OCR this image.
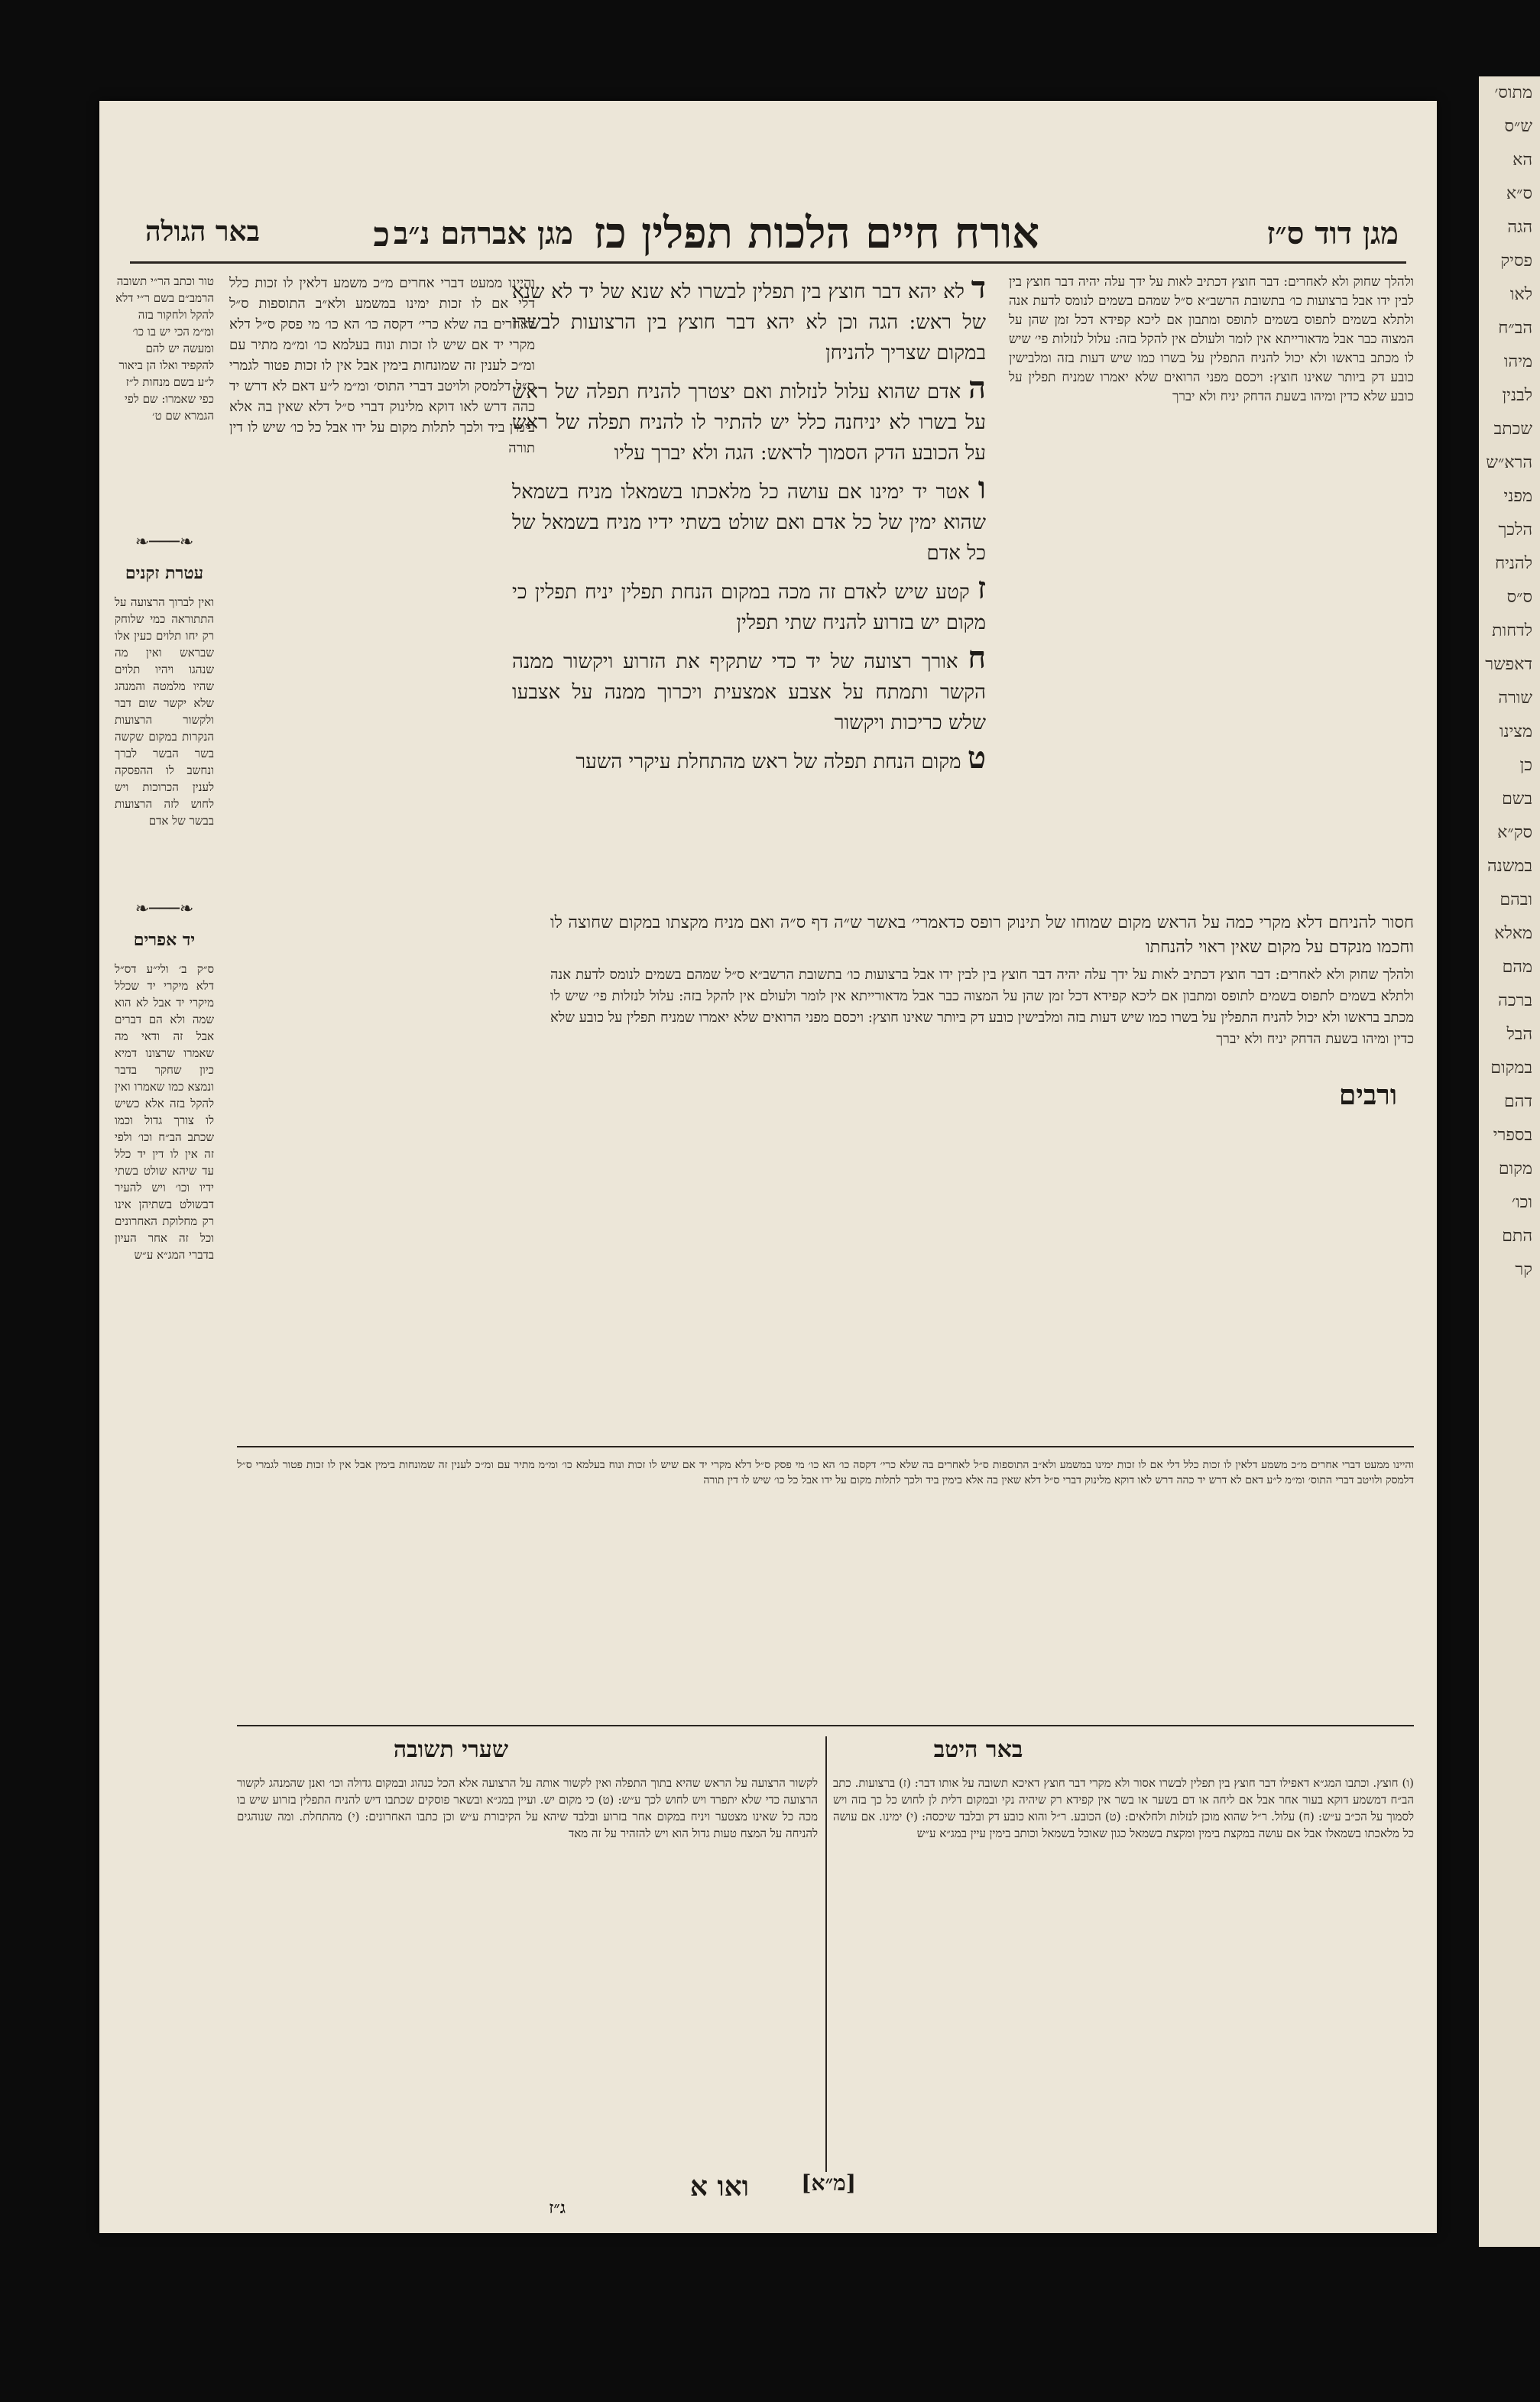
מתוס׳
ש״ס
הא
ס״א
הגה
פסיק
לאו
הב״ח
מיהו
לבנין
שכתב
הרא״ש
מפני
הלכך
להניח
ס״ס
לדחות
דאפשר
שורה
מצינו
כן
בשם
סק״א
במשנה
ובהם
מאלא
מהם
ברכה
הבל
במקום
דהם
בספרי
מקום
וכו׳
התם
קר
מגן דוד ס״ז
אורח חיים הלכות תפלין כז
מגן אברהם נ״ב
כ
באר הגולה
ולהלך שחוק ולא לאחרים: דבר חוצץ דכתיב לאות על ידך עלה יהיה דבר חוצץ בין לבין ידו אבל ברצועות כו׳ בתשובת הרשב״א ס״ל שמהם בשמים לנומס לדעת אנה ולתלא בשמים לתפוס בשמים לתופס ומתבון אם ליכא קפידא דכל זמן שהן על המצוה כבר אבל מדאורייתא אין לומר ולעולם אין להקל בזה: עלול לנזלות פי׳ שיש לו מכתב בראשו ולא יכול להניח התפלין על בשרו כמו שיש דעות בזה ומלבישין כובע דק ביותר שאינו חוצץ: ויכסם מפני הרואים שלא יאמרו שמניח תפלין על כובע שלא כדין ומיהו בשעת הדחק יניח ולא יברך

ד לא יהא דבר חוצץ בין תפלין לבשרו לא שנא של יד לא שנא של ראש: הגה וכן לא יהא דבר חוצץ בין הרצועות לבשרו במקום שצריך להניחן

ה אדם שהוא עלול לנזלות ואם יצטרך להניח תפלה של ראש על בשרו לא יניחנה כלל יש להתיר לו להניח תפלה של ראש על הכובע הדק הסמוך לראש: הגה ולא יברך עליו

ו אטר יד ימינו אם עושה כל מלאכתו בשמאלו מניח בשמאל שהוא ימין של כל אדם ואם שולט בשתי ידיו מניח בשמאל של כל אדם

ז קטע שיש לאדם זה מכה במקום הנחת תפלין יניח תפלין כי מקום יש בזרוע להניח שתי תפלין

ח אורך רצועה של יד כדי שתקיף את הזרוע ויקשור ממנה הקשר ותמתח על אצבע אמצעית ויכרוך ממנה על אצבעו שלש כריכות ויקשור

ט מקום הנחת תפלה של ראש מהתחלת עיקרי השער

והיינו ממעט דברי אחרים מ״כ משמע דלאין לו זכות כלל דלי אם לו זכות ימינו במשמע ולא״ב התוספות ס״ל לאחרים בה שלא כרי׳ דקסה כו׳ הא כו׳ מי פסק ס״ל דלא מקרי יד אם שיש לו זכות ונוח בעלמא כו׳ ומ״מ מתיר עם ומ״כ לענין זה שמונחות בימין אבל אין לו זכות פטור לגמרי ס״ל דלמסק ולויטב דברי התוס׳ ומ״מ ל״ע דאם לא דרש יד כהה דרש לאו דוקא מלינוק דברי ס״ל דלא שאין בה אלא בימין ביד ולכך לתלות מקום על ידו אבל כל כו׳ שיש לו דין תורה
טור וכתב הר״י תשובה הרמב״ם בשם ר״י דלא להקל ולחקור בזה ומ״מ הכי יש בו כו׳ ומעשה יש להם להקפיד ואלו הן ביאור ל״ע בשם מנחות ל״ז כפי שאמרו: שם לפי הגמרא שם ט׳
❧───❧
עטרת זקנים
ואין לברוך הרצועה על התתוראה כמי שלוחק רק יחו תלוים כעין אלו שבראש ואין מה שנהגו ויהיו תלוים שהיו מלמטה והמנהג שלא יקשר שום דבר ולקשור הרצועות הנקרות במקום שקשה בשר הבשר לברך ונחשב לו ההפסקה לענין הכרוכות ויש לחוש לזה הרצועות בבשר של אדם
❧───❧
יד אפרים
ס״ק ב׳ ולי״ע דס״ל דלא מיקרי יד שכלל מיקרי יד אבל לא הוא שמה ולא הם דברים אבל זה ודאי מה שאמרו שרצונו דמיא כיון שחקר בדבר ונמצא כמו שאמרו ואין להקל בזה אלא כשיש לו צורך גדול וכמו שכתב הב״ח וכו׳ ולפי זה אין לו דין יד כלל עד שיהא שולט בשתי ידיו וכו׳ ויש להעיר דבשולט בשתיהן אינו רק מחלוקת האחרונים וכל זה אחר העיון בדברי המג״א ע״ש
חסור להניחם דלא מקרי כמה על הראש מקום שמוחו של תינוק רופס כדאמרי׳ באשר ש״ה דף ס״ה ואם מניח מקצתו במקום שחוצה לו וחכמו מנקדם על מקום שאין ראוי להנחתו
ורבים
ולהלך שחוק ולא לאחרים: דבר חוצץ דכתיב לאות על ידך עלה יהיה דבר חוצץ בין לבין ידו אבל ברצועות כו׳ בתשובת הרשב״א ס״ל שמהם בשמים לנומס לדעת אנה ולתלא בשמים לתפוס בשמים לתופס ומתבון אם ליכא קפידא דכל זמן שהן על המצוה כבר אבל מדאורייתא אין לומר ולעולם אין להקל בזה: עלול לנזלות פי׳ שיש לו מכתב בראשו ולא יכול להניח התפלין על בשרו כמו שיש דעות בזה ומלבישין כובע דק ביותר שאינו חוצץ: ויכסם מפני הרואים שלא יאמרו שמניח תפלין על כובע שלא כדין ומיהו בשעת הדחק יניח ולא יברך
והיינו ממעט דברי אחרים מ״כ משמע דלאין לו זכות כלל דלי אם לו זכות ימינו במשמע ולא״ב התוספות ס״ל לאחרים בה שלא כרי׳ דקסה כו׳ הא כו׳ מי פסק ס״ל דלא מקרי יד אם שיש לו זכות ונוח בעלמא כו׳ ומ״מ מתיר עם ומ״כ לענין זה שמונחות בימין אבל אין לו זכות פטור לגמרי ס״ל דלמסק ולויטב דברי התוס׳ ומ״מ ל״ע דאם לא דרש יד כהה דרש לאו דוקא מלינוק דברי ס״ל דלא שאין בה אלא בימין ביד ולכך לתלות מקום על ידו אבל כל כו׳ שיש לו דין תורה
באר היטב
(ו) חוצץ. וכתבו המג״א דאפילו דבר חוצץ בין תפלין לבשרו אסור ולא מקרי דבר חוצץ דאיכא תשובה על אותו דבר: (ז) ברצועות. כתב הב״ח דמשמע דוקא בעור אחר אבל אם ליחה או דם בשער או בשר אין קפידא רק שיהיה נקי ובמקום דלית לן לחוש כל כך בזה ויש לסמוך על הכ״ב ע״ש: (ח) עלול. ר״ל שהוא מוכן לנזלות ולחלאים: (ט) הכובע. ר״ל והוא כובע דק ובלבד שיכסה: (י) ימינו. אם עושה כל מלאכתו בשמאלו אבל אם עושה במקצת בימין ומקצת בשמאל כגון שאוכל בשמאל וכותב בימין עיין במג״א ע״ש
שערי תשובה
לקשור הרצועה על הראש שהיא בתוך התפלה ואין לקשור אותה על הרצועה אלא הכל כנהוג ובמקום גדולה וכו׳ ואנן שהמנהג לקשור הרצועה כדי שלא יתפרד ויש לחוש לכך ע״ש: (ט) כי מקום יש. ועיין במג״א ובשאר פוסקים שכתבו דיש להניח התפלין בזרוע שיש בו מכה כל שאינו מצטער ויניח במקום אחר בזרוע ובלבד שיהא על הקיבורת ע״ש וכן כתבו האחרונים: (י) מהתחלת. ומה שנוהגים להניחה על המצח טעות גדול הוא ויש להזהיר על זה מאד
[מ״א]
ואו א
ג״ז
